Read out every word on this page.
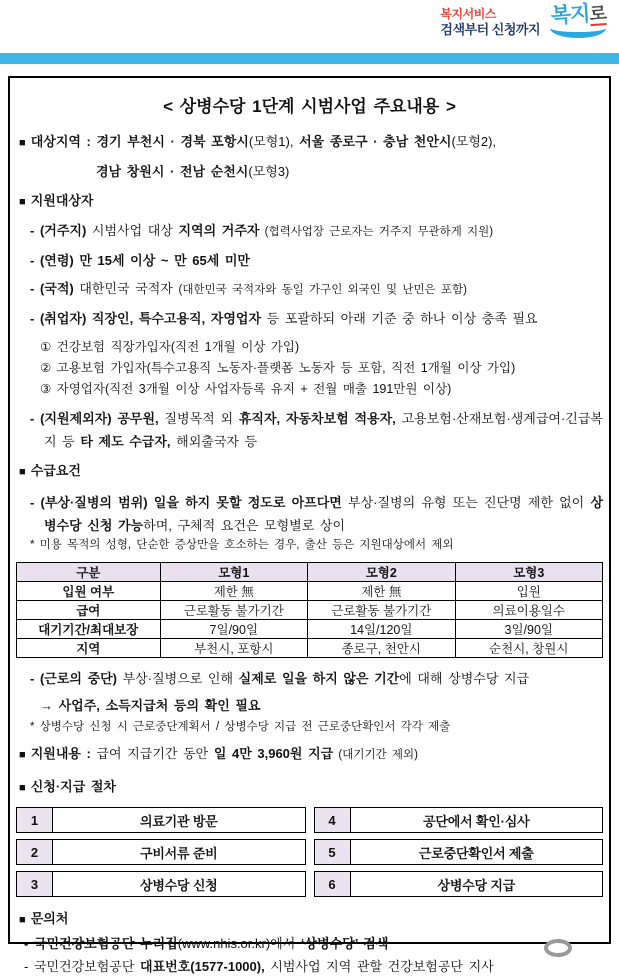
복지서비스
검색부터 신청까지
복지로
< 상병수당 1단계 시범사업 주요내용 >
■ 대상지역 : 경기 부천시 · 경북 포항시(모형1), 서울 종로구 · 충남 천안시(모형2),
경남 창원시 · 전남 순천시(모형3)
■ 지원대상자
- (거주지) 시범사업 대상 지역의 거주자 (협력사업장 근로자는 거주지 무관하게 지원)
- (연령) 만 15세 이상 ~ 만 65세 미만
- (국적) 대한민국 국적자 (대한민국 국적자와 동일 가구인 외국인 및 난민은 포함)
- (취업자) 직장인, 특수고용직, 자영업자 등 포괄하되 아래 기준 중 하나 이상 충족 필요
① 건강보험 직장가입자(직전 1개월 이상 가입)
② 고용보험 가입자(특수고용직 노동자·플랫폼 노동자 등 포함, 직전 1개월 이상 가입)
③ 자영업자(직전 3개월 이상 사업자등록 유지 + 전월 매출 191만원 이상)
- (지원제외자) 공무원, 질병목적 외 휴직자, 자동차보험 적용자, 고용보험·산재보험·생계급여·긴급복지 등 타 제도 수급자, 해외출국자 등
■ 수급요건
- (부상·질병의 범위) 일을 하지 못할 정도로 아프다면 부상·질병의 유형 또는 진단명 제한 없이 상병수당 신청 가능하며, 구체적 요건은 모형별로 상이
* 미용 목적의 성형, 단순한 증상만을 호소하는 경우, 출산 등은 지원대상에서 제외
구분	모형1	모형2	모형3
입원 여부	제한 無	제한 無	입원
급여	근로활동 불가기간	근로활동 불가기간	의료이용일수
대기기간/최대보장	7일/90일	14일/120일	3일/90일
지역	부천시, 포항시	종로구, 천안시	순천시, 창원시
- (근로의 중단) 부상·질병으로 인해 실제로 일을 하지 않은 기간에 대해 상병수당 지급
→ 사업주, 소득지급처 등의 확인 필요
* 상병수당 신청 시 근로중단계획서 / 상병수당 지급 전 근로중단확인서 각각 제출
■ 지원내용 : 급여 지급기간 동안 일 4만 3,960원 지급 (대기기간 제외)
■ 신청·지급 절차
1	의료기관 방문	4	공단에서 확인·심사
2	구비서류 준비	5	근로중단확인서 제출
3	상병수당 신청	6	상병수당 지급
■ 문의처
- 국민건강보험공단 누리집(www.nhis.or.kr)에서 ‘상병수당’ 검색
- 국민건강보험공단 대표번호(1577-1000), 시범사업 지역 관할 건강보험공단 지사
